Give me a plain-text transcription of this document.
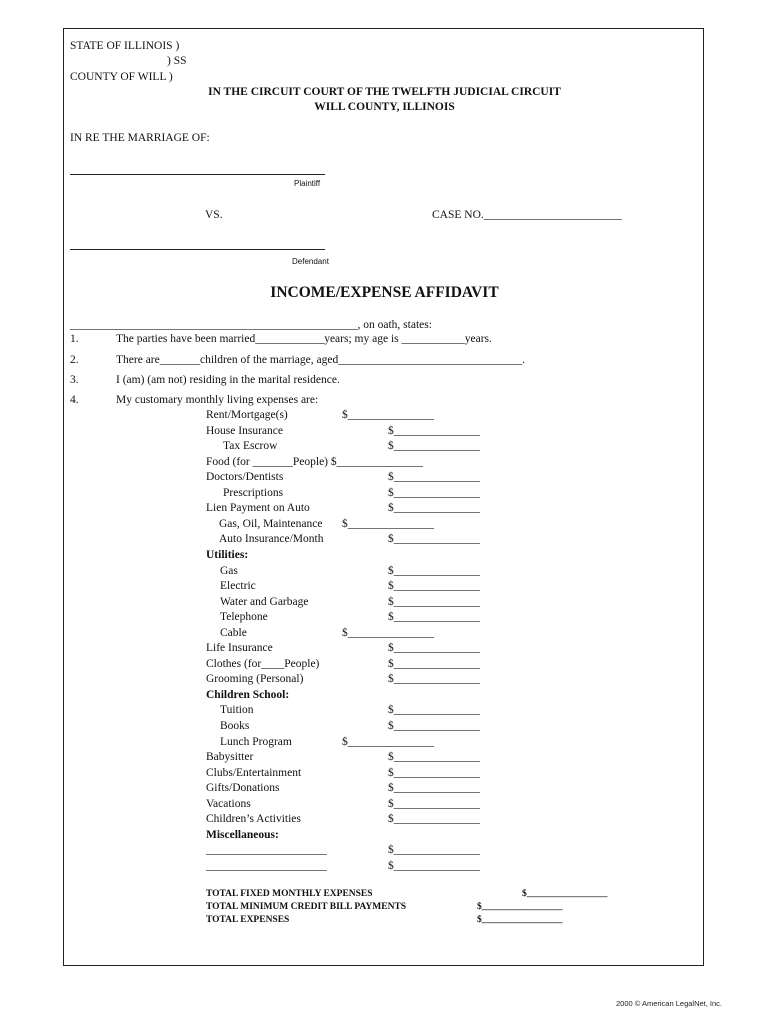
STATE OF ILLINOIS )
) SS
COUNTY OF WILL )
IN THE CIRCUIT COURT OF THE TWELFTH JUDICIAL CIRCUIT
WILL COUNTY, ILLINOIS
IN RE THE MARRIAGE OF:
Plaintiff
VS.	CASE NO.________________________
Defendant
INCOME/EXPENSE AFFIDAVIT
__________________________________________________, on oath, states:
1.	The parties have been married____________years; my age is ___________years.
2.	There are_______children of the marriage, aged________________________________.
3.	I (am) (am not) residing in the marital residence.
4.	My customary monthly living expenses are:
Rent/Mortgage(s)	$_______________
House Insurance	$_______________
Tax Escrow	$_______________
Food (for _______People) $_______________
Doctors/Dentists	$_______________
Prescriptions	$_______________
Lien Payment on Auto	$_______________
Gas, Oil, Maintenance $_______________
Auto Insurance/Month	$_______________
Utilities:
Gas	$_______________
Electric	$_______________
Water and Garbage	$_______________
Telephone	$_______________
Cable	$_______________
Life Insurance	$_______________
Clothes (for____People)	$_______________
Grooming (Personal)	$_______________
Children School:
Tuition	$_______________
Books	$_______________
Lunch Program	$_______________
Babysitter	$_______________
Clubs/Entertainment	$_______________
Gifts/Donations	$_______________
Vacations	$_______________
Children’s Activities	$_______________
Miscellaneous:
_____________________	$_______________
_____________________	$_______________
TOTAL FIXED MONTHLY EXPENSES	$_________________
TOTAL MINIMUM CREDIT BILL PAYMENTS	$_________________
TOTAL EXPENSES	$_________________
2000 © American LegalNet, Inc.
